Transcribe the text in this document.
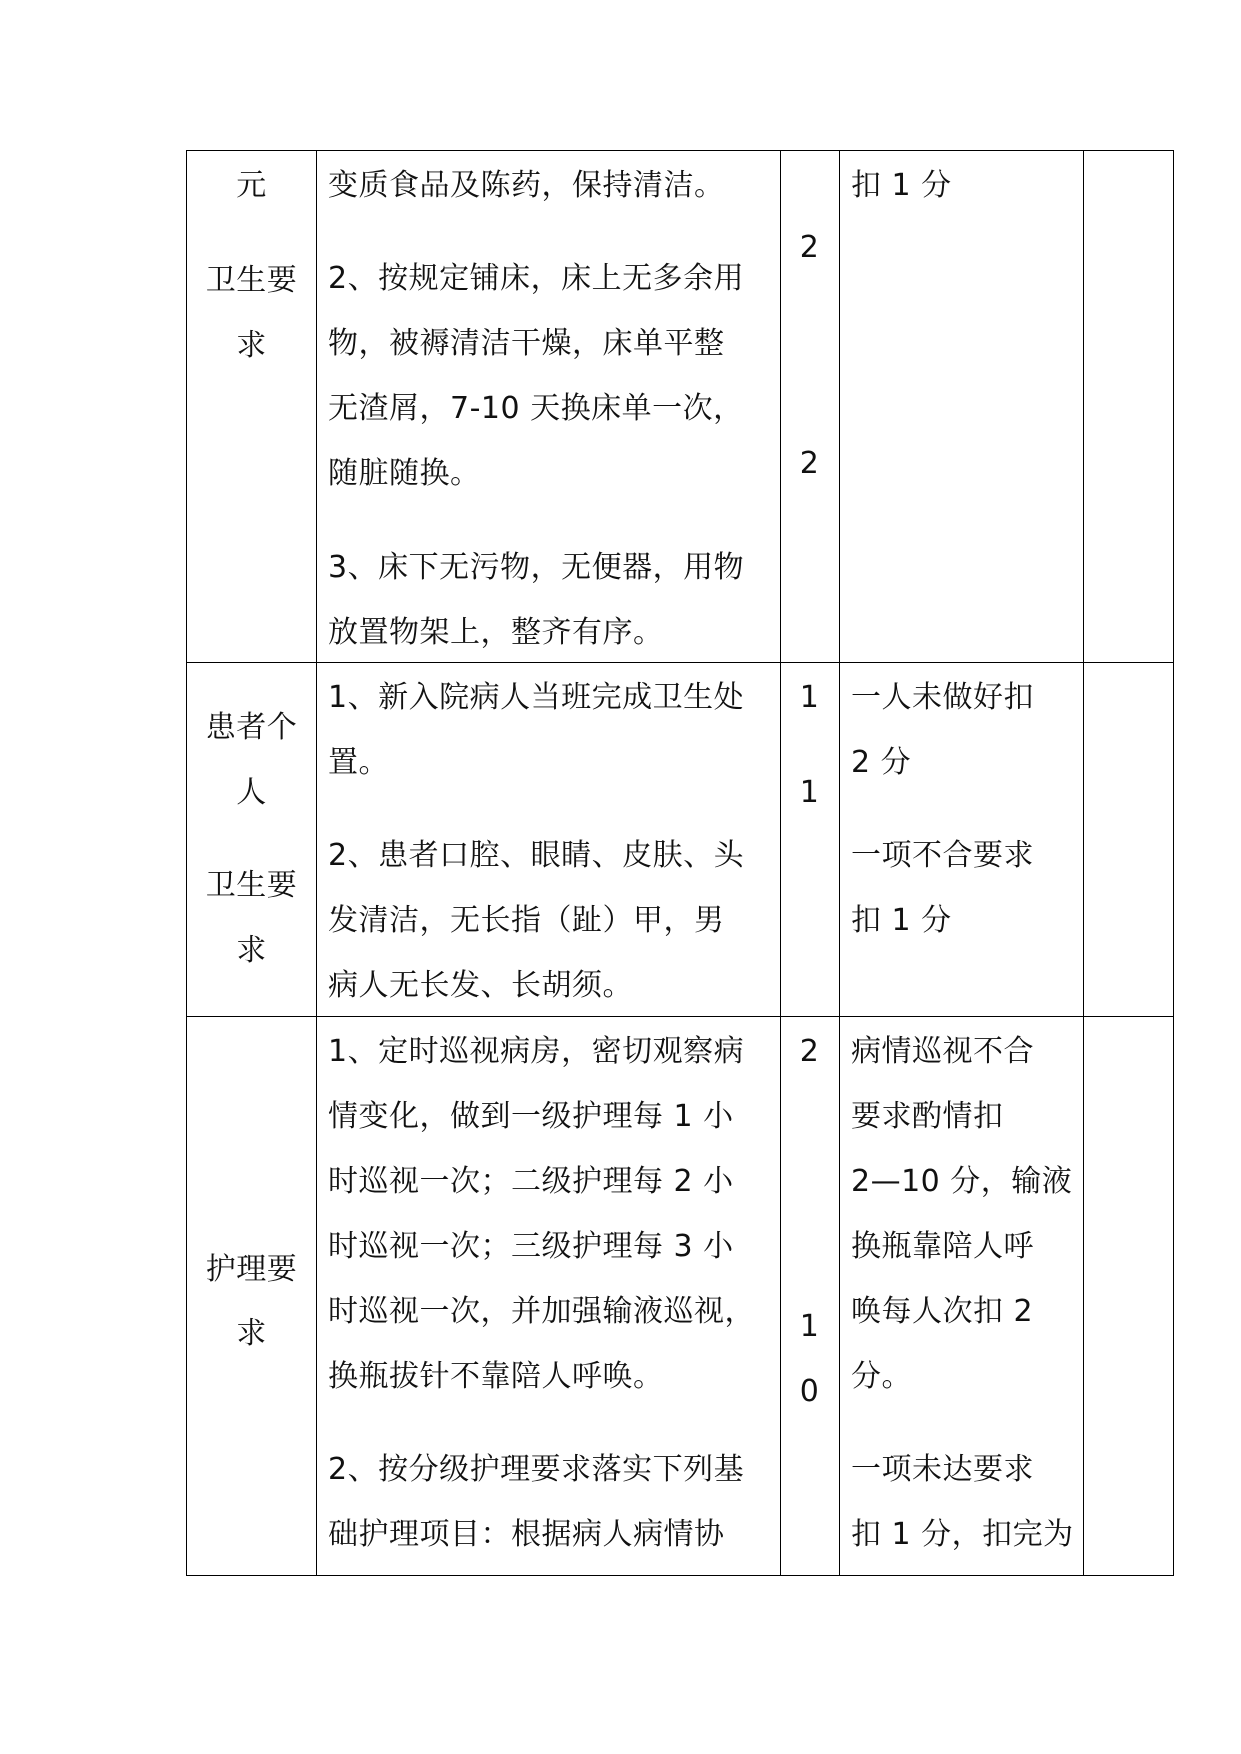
元
卫生要
求
变质食品及陈药，保持清洁。
2、按规定铺床，床上无多余用
物，被褥清洁干燥，床单平整
无渣屑，7-10 天换床单一次，
随脏随换。
3、床下无污物，无便器，用物
放置物架上，整齐有序。
2
2
扣 1 分
患者个
人
卫生要
求
1、新入院病人当班完成卫生处
置。
2、患者口腔、眼睛、皮肤、头
发清洁，无长指（趾）甲，男
病人无长发、长胡须。
1
1
一人未做好扣
2 分
一项不合要求
扣 1 分
护理要
求
1、定时巡视病房，密切观察病
情变化，做到一级护理每 1 小
时巡视一次；二级护理每 2 小
时巡视一次；三级护理每 3 小
时巡视一次，并加强输液巡视，
换瓶拔针不靠陪人呼唤。
2、按分级护理要求落实下列基
础护理项目：根据病人病情协
2
1
0
病情巡视不合
要求酌情扣
2—10 分，输液
换瓶靠陪人呼
唤每人次扣 2
分。
一项未达要求
扣 1 分，扣完为
